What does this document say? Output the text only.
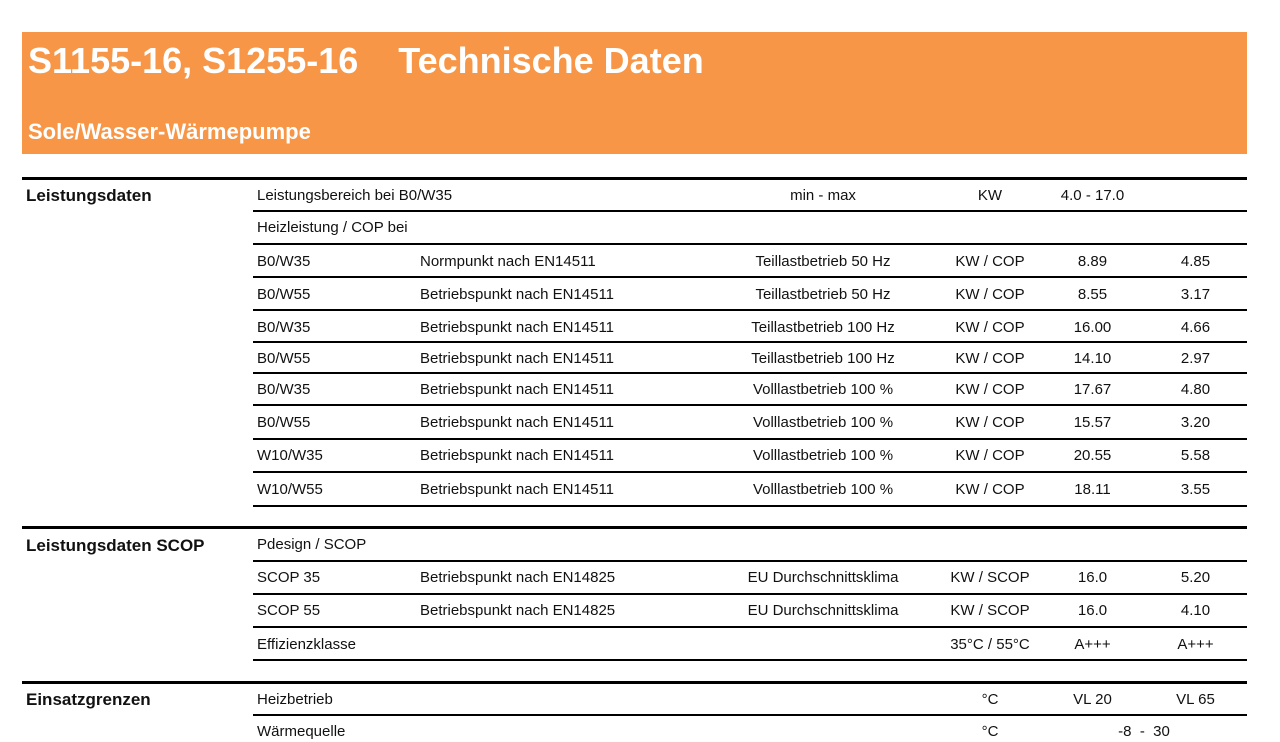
S1155-16, S1255-16 Technische Daten
Sole/Wasser-Wärmepumpe
Leistungsdaten	Leistungsbereich bei B0/W35	min - max	KW	4.0 - 17.0
Heizleistung / COP bei
B0/W35	Normpunkt nach EN14511	Teillastbetrieb 50 Hz	KW / COP	8.89	4.85
B0/W55	Betriebspunkt nach EN14511	Teillastbetrieb 50 Hz	KW / COP	8.55	3.17
B0/W35	Betriebspunkt nach EN14511	Teillastbetrieb 100 Hz	KW / COP	16.00	4.66
B0/W55	Betriebspunkt nach EN14511	Teillastbetrieb 100 Hz	KW / COP	14.10	2.97
B0/W35	Betriebspunkt nach EN14511	Volllastbetrieb 100 %	KW / COP	17.67	4.80
B0/W55	Betriebspunkt nach EN14511	Volllastbetrieb 100 %	KW / COP	15.57	3.20
W10/W35	Betriebspunkt nach EN14511	Volllastbetrieb 100 %	KW / COP	20.55	5.58
W10/W55	Betriebspunkt nach EN14511	Volllastbetrieb 100 %	KW / COP	18.11	3.55
Leistungsdaten SCOP	Pdesign / SCOP
SCOP 35	Betriebspunkt nach EN14825	EU Durchschnittsklima	KW / SCOP	16.0	5.20
SCOP 55	Betriebspunkt nach EN14825	EU Durchschnittsklima	KW / SCOP	16.0	4.10
Effizienzklasse	35°C / 55°C	A+++	A+++
Einsatzgrenzen	Heizbetrieb	°C	VL 20	VL 65
Wärmequelle	°C	-8  -  30
